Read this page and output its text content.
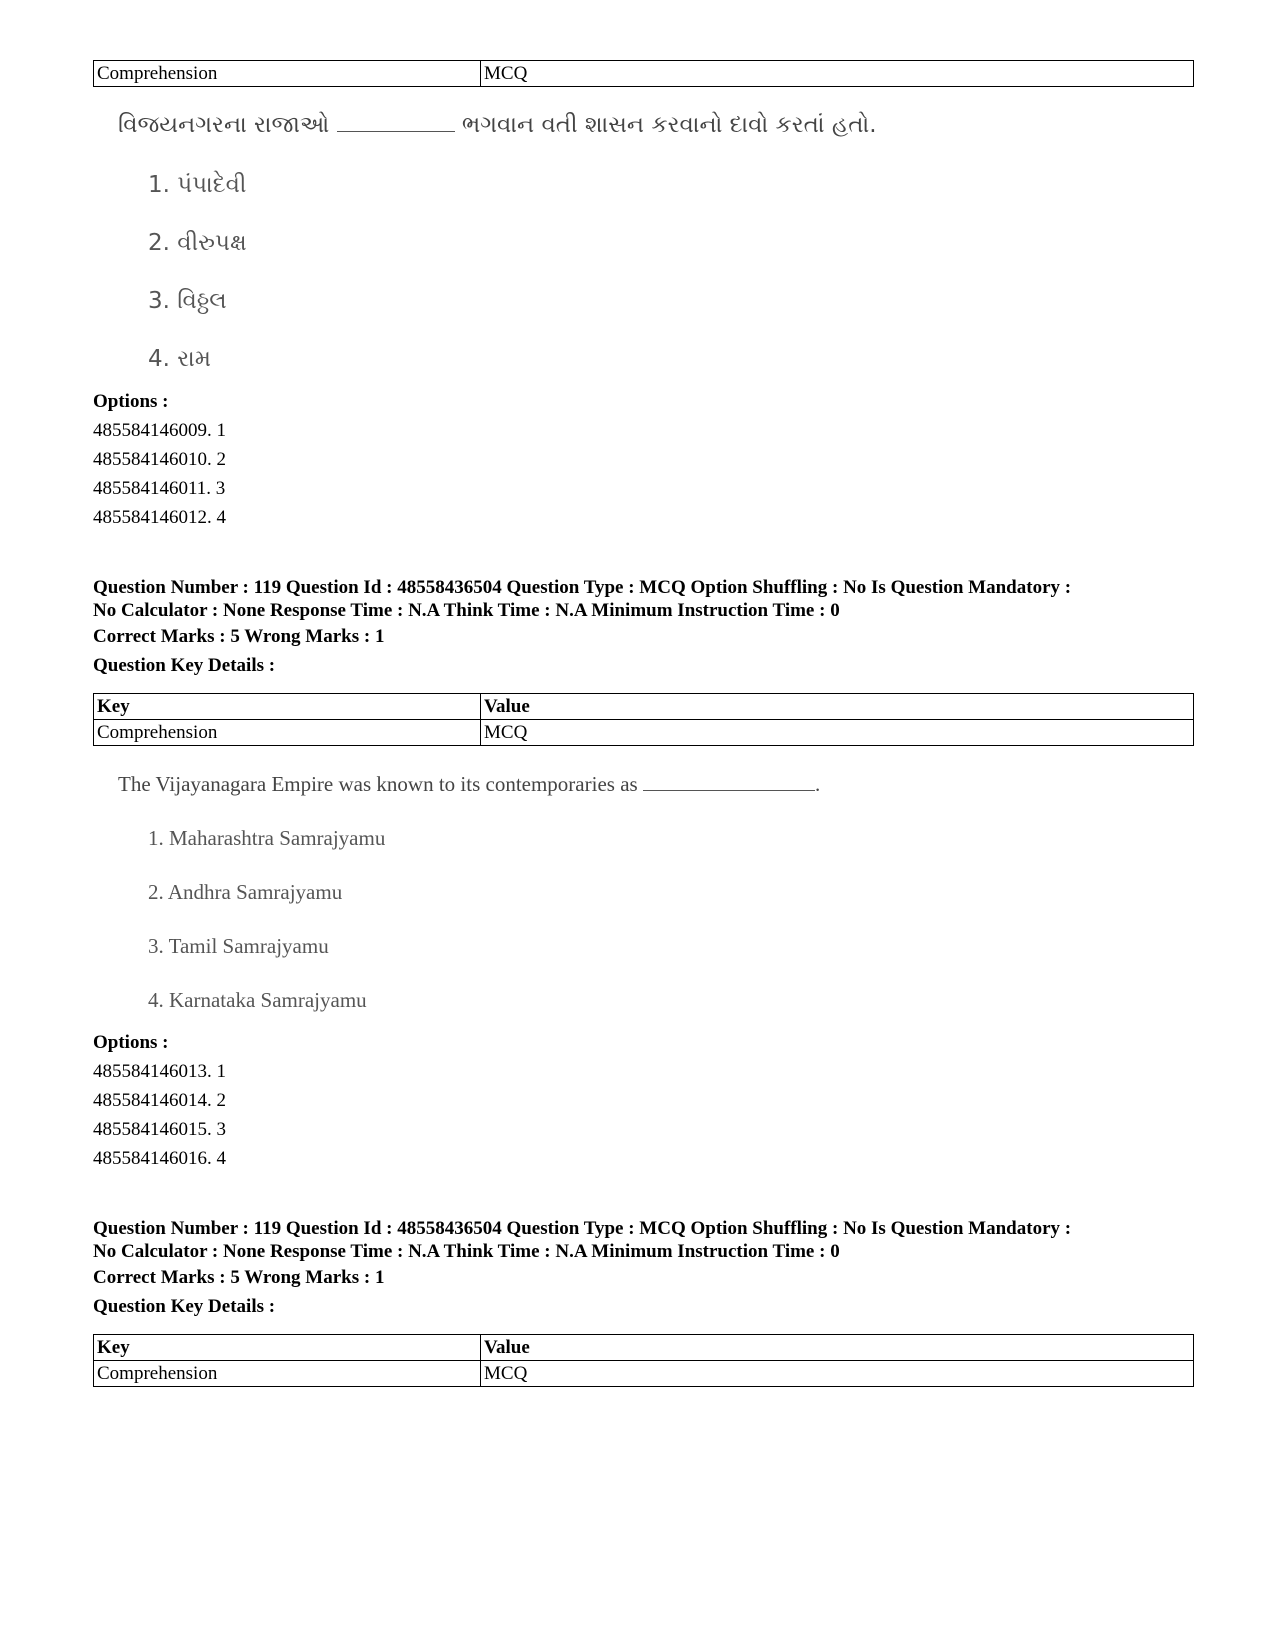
Comprehension	MCQ
વિજયનગરના રાજાઓ	ભગવાન વતી શાસન કરવાનો દાવો કરતાં હતો.
1. પંપાદેવી
2. વીરુપક્ષ
3. વિઠ્ઠલ
4. રામ
Options :
485584146009. 1
485584146010. 2
485584146011. 3
485584146012. 4
Question Number : 119 Question Id : 48558436504 Question Type : MCQ Option Shuffling : No Is Question Mandatory :
No Calculator : None Response Time : N.A Think Time : N.A Minimum Instruction Time : 0
Correct Marks : 5 Wrong Marks : 1
Question Key Details :
Key	Value
Comprehension	MCQ
The Vijayanagara Empire was known to its contemporaries as	.
1. Maharashtra Samrajyamu
2. Andhra Samrajyamu
3. Tamil Samrajyamu
4. Karnataka Samrajyamu
Options :
485584146013. 1
485584146014. 2
485584146015. 3
485584146016. 4
Question Number : 119 Question Id : 48558436504 Question Type : MCQ Option Shuffling : No Is Question Mandatory :
No Calculator : None Response Time : N.A Think Time : N.A Minimum Instruction Time : 0
Correct Marks : 5 Wrong Marks : 1
Question Key Details :
Key	Value
Comprehension	MCQ
